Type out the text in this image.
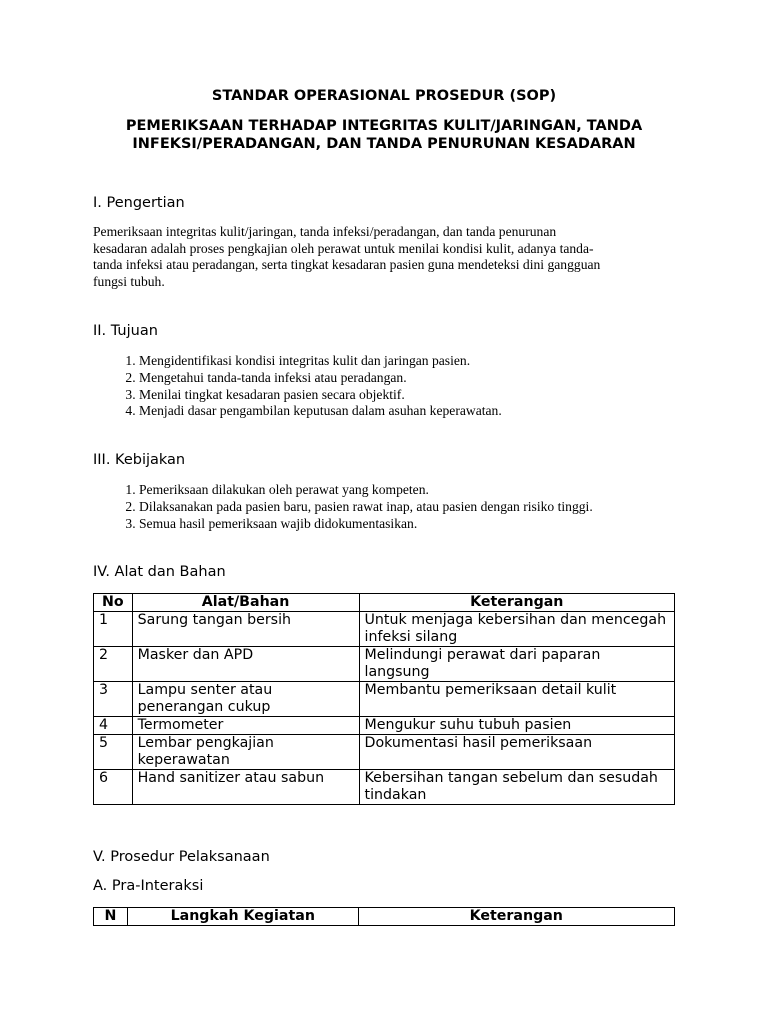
STANDAR OPERASIONAL PROSEDUR (SOP)
PEMERIKSAAN TERHADAP INTEGRITAS KULIT/JARINGAN, TANDA
INFEKSI/PERADANGAN, DAN TANDA PENURUNAN KESADARAN
I. Pengertian
Pemeriksaan integritas kulit/jaringan, tanda infeksi/peradangan, dan tanda penurunan
kesadaran adalah proses pengkajian oleh perawat untuk menilai kondisi kulit, adanya tanda-
tanda infeksi atau peradangan, serta tingkat kesadaran pasien guna mendeteksi dini gangguan
fungsi tubuh.
II. Tujuan
1. Mengidentifikasi kondisi integritas kulit dan jaringan pasien.
2. Mengetahui tanda-tanda infeksi atau peradangan.
3. Menilai tingkat kesadaran pasien secara objektif.
4. Menjadi dasar pengambilan keputusan dalam asuhan keperawatan.
III. Kebijakan
1. Pemeriksaan dilakukan oleh perawat yang kompeten.
2. Dilaksanakan pada pasien baru, pasien rawat inap, atau pasien dengan risiko tinggi.
3. Semua hasil pemeriksaan wajib didokumentasikan.
IV. Alat dan Bahan
No	Alat/Bahan	Keterangan
1	Sarung tangan bersih	Untuk menjaga kebersihan dan mencegah infeksi silang
2	Masker dan APD	Melindungi perawat dari paparan langsung
3	Lampu senter atau penerangan cukup	Membantu pemeriksaan detail kulit
4	Termometer	Mengukur suhu tubuh pasien
5	Lembar pengkajian keperawatan	Dokumentasi hasil pemeriksaan
6	Hand sanitizer atau sabun	Kebersihan tangan sebelum dan sesudah tindakan
V. Prosedur Pelaksanaan
A. Pra-Interaksi
N	Langkah Kegiatan	Keterangan
